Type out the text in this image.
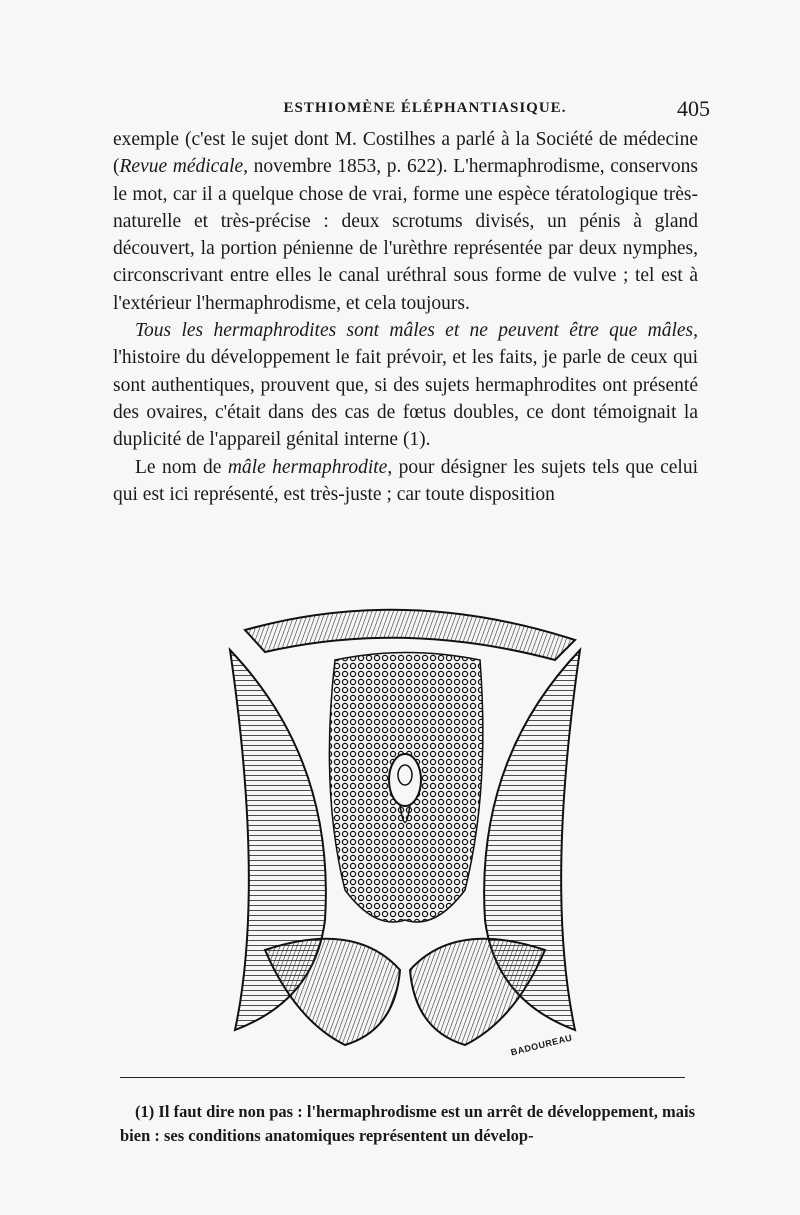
ESTHIOMÈNE ÉLÉPHANTIASIQUE.	405

exemple (c'est le sujet dont M. Costilhes a parlé à la Société de médecine (Revue médicale, novembre 1853, p. 622). L'hermaphrodisme, conservons le mot, car il a quelque chose de vrai, forme une espèce tératologique très-naturelle et très-précise : deux scrotums divisés, un pénis à gland découvert, la portion pénienne de l'urèthre représentée par deux nymphes, circonscrivant entre elles le canal uréthral sous forme de vulve ; tel est à l'extérieur l'hermaphrodisme, et cela toujours.

Tous les hermaphrodites sont mâles et ne peuvent être que mâles, l'histoire du développement le fait prévoir, et les faits, je parle de ceux qui sont authentiques, prouvent que, si des sujets hermaphrodites ont présenté des ovaires, c'était dans des cas de fœtus doubles, ce dont témoignait la duplicité de l'appareil génital interne (1).

Le nom de mâle hermaphrodite, pour désigner les sujets tels que celui qui est ici représenté, est très-juste ; car toute disposition

BADOUREAU

(1) Il faut dire non pas : l'hermaphrodisme est un arrêt de développement, mais bien : ses conditions anatomiques représentent un dévelop-
